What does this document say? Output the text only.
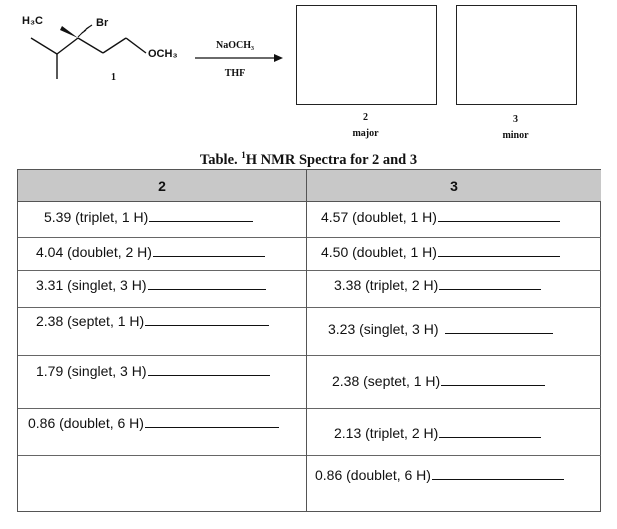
H₃C	Br
OCH₃
1
NaOCH₃
THF
2
major
3
minor
Table. $^1$H NMR Spectra for 2 and 3
2	3
5.39 (triplet, 1 H)
4.04 (doublet, 2 H)
3.31 (singlet, 3 H)
2.38 (septet, 1 H)
1.79 (singlet, 3 H)
0.86 (doublet, 6 H)
4.57 (doublet, 1 H)
4.50 (doublet, 1 H)
3.38 (triplet, 2 H)
3.23 (singlet, 3 H)
2.38 (septet, 1 H)
2.13 (triplet, 2 H)
0.86 (doublet, 6 H)
